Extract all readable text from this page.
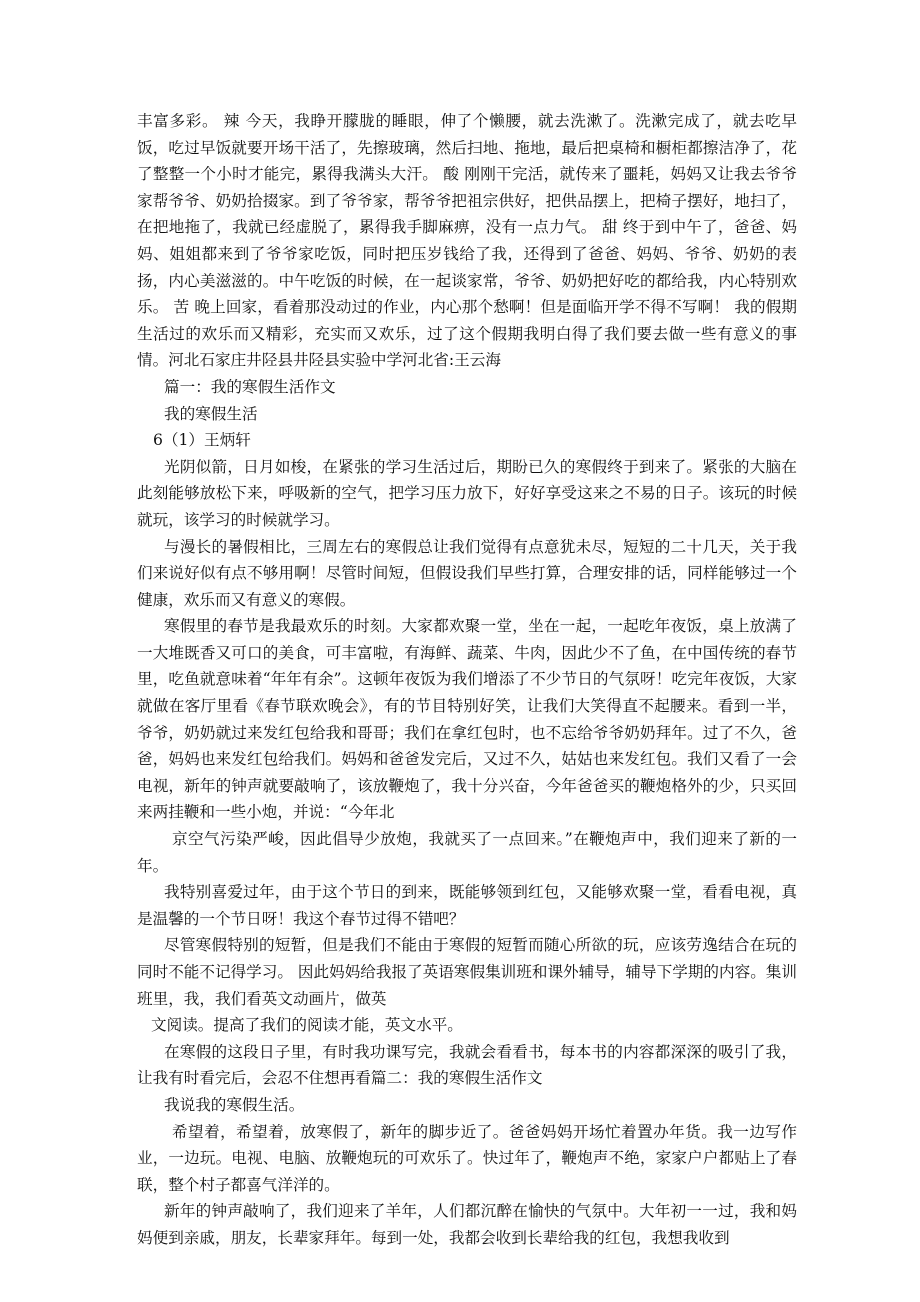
丰富多彩。 辣 今天，我睁开朦胧的睡眼，伸了个懒腰，就去洗漱了。洗漱完成了，就去吃早饭，吃过早饭就要开场干活了，先擦玻璃，然后扫地、拖地，最后把桌椅和橱柜都擦洁净了，花了整整一个小时才能完，累得我满头大汗。 酸 刚刚干完活，就传来了噩耗，妈妈又让我去爷爷家帮爷爷、奶奶拾掇家。到了爷爷家，帮爷爷把祖宗供好，把供品摆上，把椅子摆好，地扫了，在把地拖了，我就已经虚脱了，累得我手脚麻痹，没有一点力气。 甜 终于到中午了，爸爸、妈妈、姐姐都来到了爷爷家吃饭，同时把压岁钱给了我，还得到了爸爸、妈妈、爷爷、奶奶的表扬，内心美滋滋的。中午吃饭的时候，在一起谈家常，爷爷、奶奶把好吃的都给我，内心特别欢乐。 苦 晚上回家，看着那没动过的作业，内心那个愁啊！但是面临开学不得不写啊！ 我的假期生活过的欢乐而又精彩，充实而又欢乐，过了这个假期我明白得了我们要去做一些有意义的事情。河北石家庄井陉县井陉县实验中学河北省:王云海

篇一：我的寒假生活作文

我的寒假生活

6（1）王炳轩

光阴似箭，日月如梭，在紧张的学习生活过后，期盼已久的寒假终于到来了。紧张的大脑在此刻能够放松下来，呼吸新的空气，把学习压力放下，好好享受这来之不易的日子。该玩的时候就玩，该学习的时候就学习。

与漫长的暑假相比，三周左右的寒假总让我们觉得有点意犹未尽，短短的二十几天，关于我们来说好似有点不够用啊！尽管时间短，但假设我们早些打算，合理安排的话，同样能够过一个健康，欢乐而又有意义的寒假。

寒假里的春节是我最欢乐的时刻。大家都欢聚一堂，坐在一起，一起吃年夜饭，桌上放满了一大堆既香又可口的美食，可丰富啦，有海鲜、蔬菜、牛肉，因此少不了鱼，在中国传统的春节里，吃鱼就意味着“年年有余”。这顿年夜饭为我们增添了不少节日的气氛呀！吃完年夜饭，大家就做在客厅里看《春节联欢晚会》，有的节目特别好笑，让我们大笑得直不起腰来。看到一半，爷爷，奶奶就过来发红包给我和哥哥；我们在拿红包时，也不忘给爷爷奶奶拜年。过了不久，爸爸，妈妈也来发红包给我们。妈妈和爸爸发完后，又过不久，姑姑也来发红包。我们又看了一会电视，新年的钟声就要敲响了，该放鞭炮了，我十分兴奋，今年爸爸买的鞭炮格外的少，只买回来两挂鞭和一些小炮，并说：“今年北

京空气污染严峻，因此倡导少放炮，我就买了一点回来。”在鞭炮声中，我们迎来了新的一年。

我特别喜爱过年，由于这个节日的到来，既能够领到红包，又能够欢聚一堂，看看电视，真是温馨的一个节日呀！我这个春节过得不错吧？

尽管寒假特别的短暂，但是我们不能由于寒假的短暂而随心所欲的玩，应该劳逸结合在玩的同时不能不记得学习。 因此妈妈给我报了英语寒假集训班和课外辅导，辅导下学期的内容。集训班里，我，我们看英文动画片，做英

文阅读。提高了我们的阅读才能，英文水平。

在寒假的这段日子里，有时我功课写完，我就会看看书，每本书的内容都深深的吸引了我，让我有时看完后，会忍不住想再看篇二：我的寒假生活作文

我说我的寒假生活。

希望着，希望着，放寒假了，新年的脚步近了。爸爸妈妈开场忙着置办年货。我一边写作业，一边玩。电视、电脑、放鞭炮玩的可欢乐了。快过年了，鞭炮声不绝，家家户户都贴上了春联，整个村子都喜气洋洋的。

新年的钟声敲响了，我们迎来了羊年，人们都沉醉在愉快的气氛中。大年初一一过，我和妈妈便到亲戚，朋友，长辈家拜年。每到一处，我都会收到长辈给我的红包，我想我收到
